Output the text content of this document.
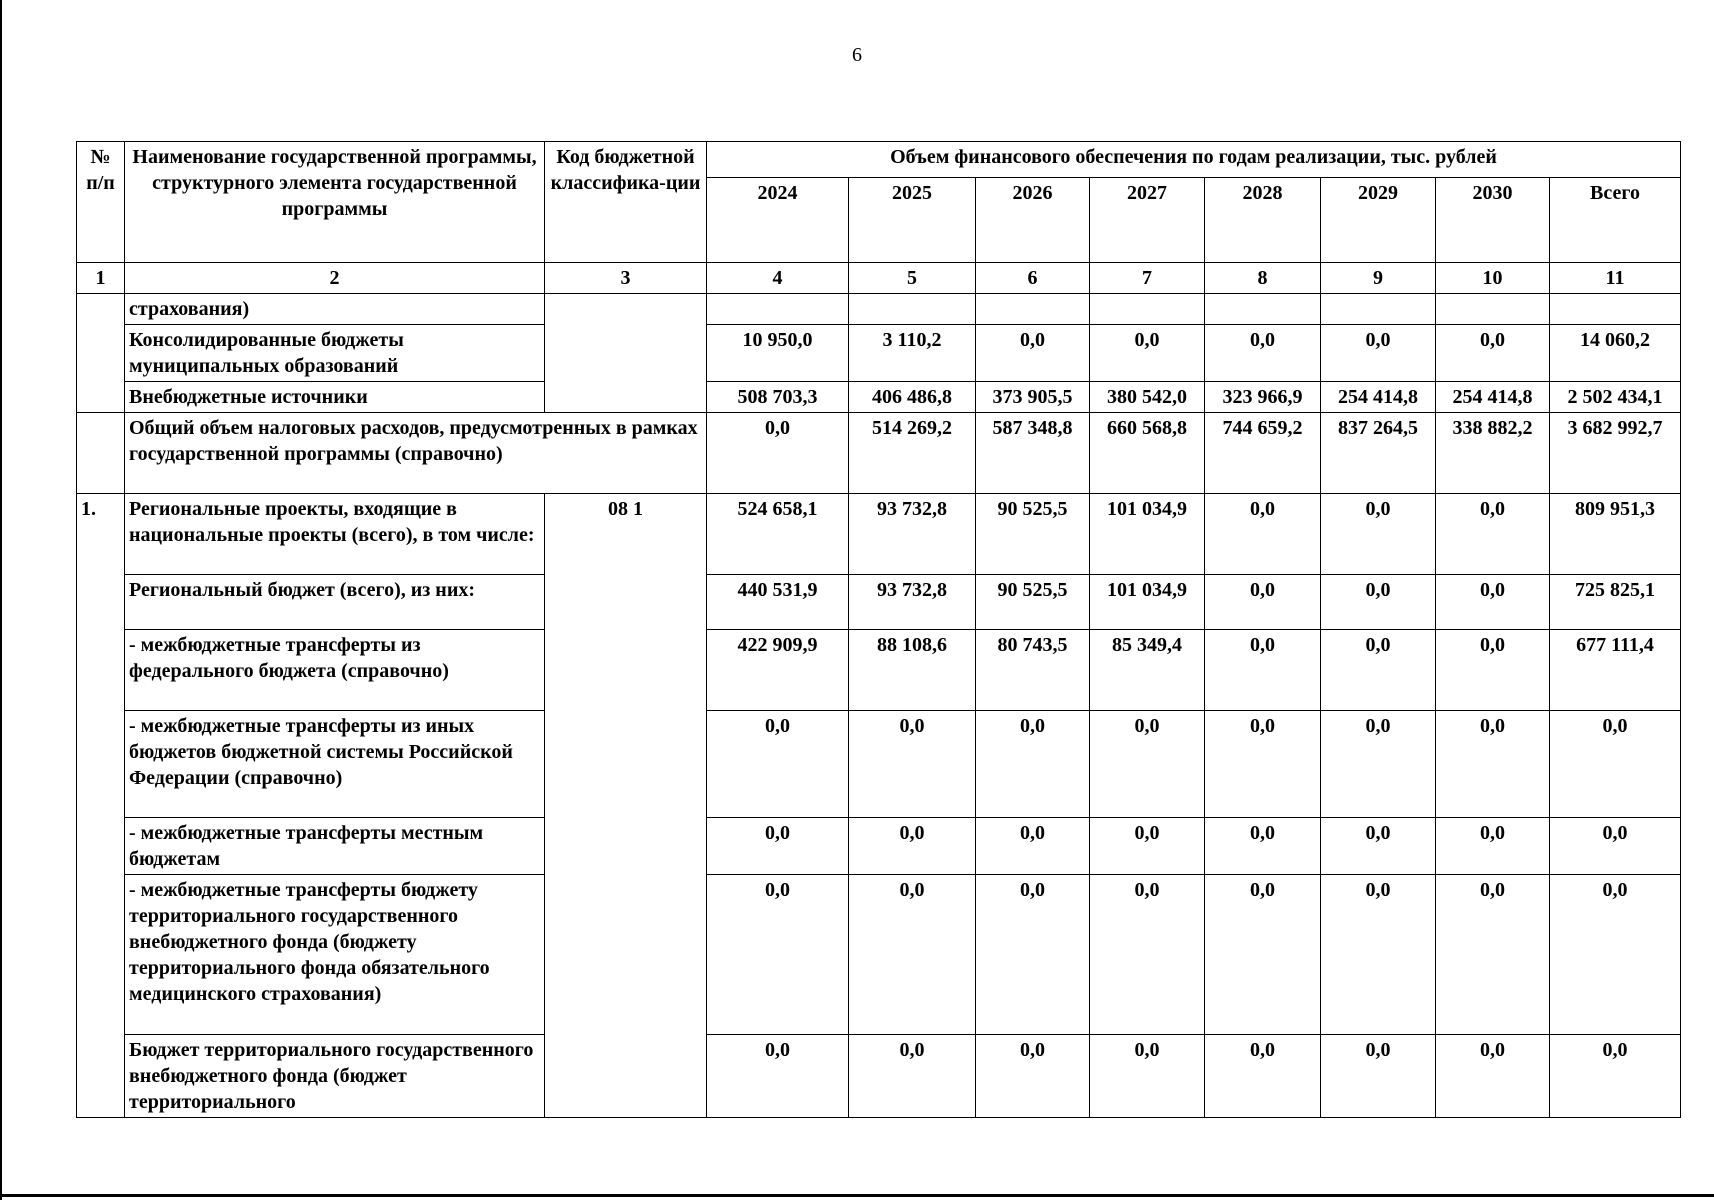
6
№ п/п	Наименование государственной программы, структурного элемента государственной программы	Код бюджетной классифика-ции	Объем финансового обеспечения по годам реализации, тыс. рублей							
			2024	2025	2026	2027	2028	2029	2030	Всего
1	2	3	4	5	6	7	8	9	10	11
	страхования)									
	Консолидированные бюджеты муниципальных образований		10 950,0	3 110,2	0,0	0,0	0,0	0,0	0,0	14 060,2
	Внебюджетные источники		508 703,3	406 486,8	373 905,5	380 542,0	323 966,9	254 414,8	254 414,8	2 502 434,1
	Общий объем налоговых расходов, предусмотренных в рамках государственной программы (справочно)		0,0	514 269,2	587 348,8	660 568,8	744 659,2	837 264,5	338 882,2	3 682 992,7
1.	Региональные проекты, входящие в национальные проекты (всего), в том числе:	08 1	524 658,1	93 732,8	90 525,5	101 034,9	0,0	0,0	0,0	809 951,3
	Региональный бюджет (всего), из них:		440 531,9	93 732,8	90 525,5	101 034,9	0,0	0,0	0,0	725 825,1
	- межбюджетные трансферты из федерального бюджета (справочно)		422 909,9	88 108,6	80 743,5	85 349,4	0,0	0,0	0,0	677 111,4
	- межбюджетные трансферты из иных бюджетов бюджетной системы Российской Федерации (справочно)		0,0	0,0	0,0	0,0	0,0	0,0	0,0	0,0
	- межбюджетные трансферты местным бюджетам		0,0	0,0	0,0	0,0	0,0	0,0	0,0	0,0
	- межбюджетные трансферты бюджету территориального государственного внебюджетного фонда (бюджету территориального фонда обязательного медицинского страхования)		0,0	0,0	0,0	0,0	0,0	0,0	0,0	0,0
	Бюджет территориального государственного внебюджетного фонда (бюджет территориального		0,0	0,0	0,0	0,0	0,0	0,0	0,0	0,0
